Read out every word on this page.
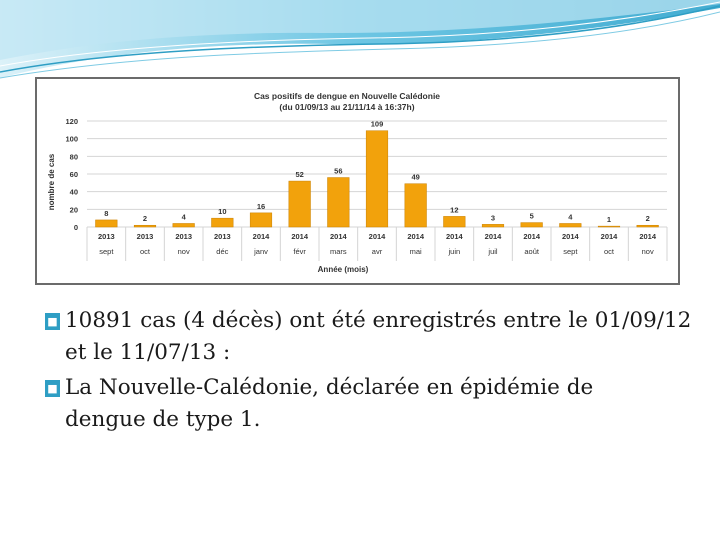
Cas positifs de dengue en Nouvelle Calédonie
(du 01/09/13 au 21/11/14 à 16:37h)
nombre de cas
Année (mois)
0
20
40
60
80
100
120
8
2	4
10
16
52	56
109
49
12
3	5	4	1	2
2013
sept
2013
oct
2013
nov
2013
déc
2014
janv
2014
févr
2014
mars
2014
avr
2014
mai
2014
juin
2014
juil
2014
août
2014
sept
2014
oct
2014
nov
■ 10891 cas (4 décès) ont été enregistrés entre le 01/09/12
et le 11/07/13 :
■ La Nouvelle-Calédonie, déclarée en épidémie de
dengue de type 1.
